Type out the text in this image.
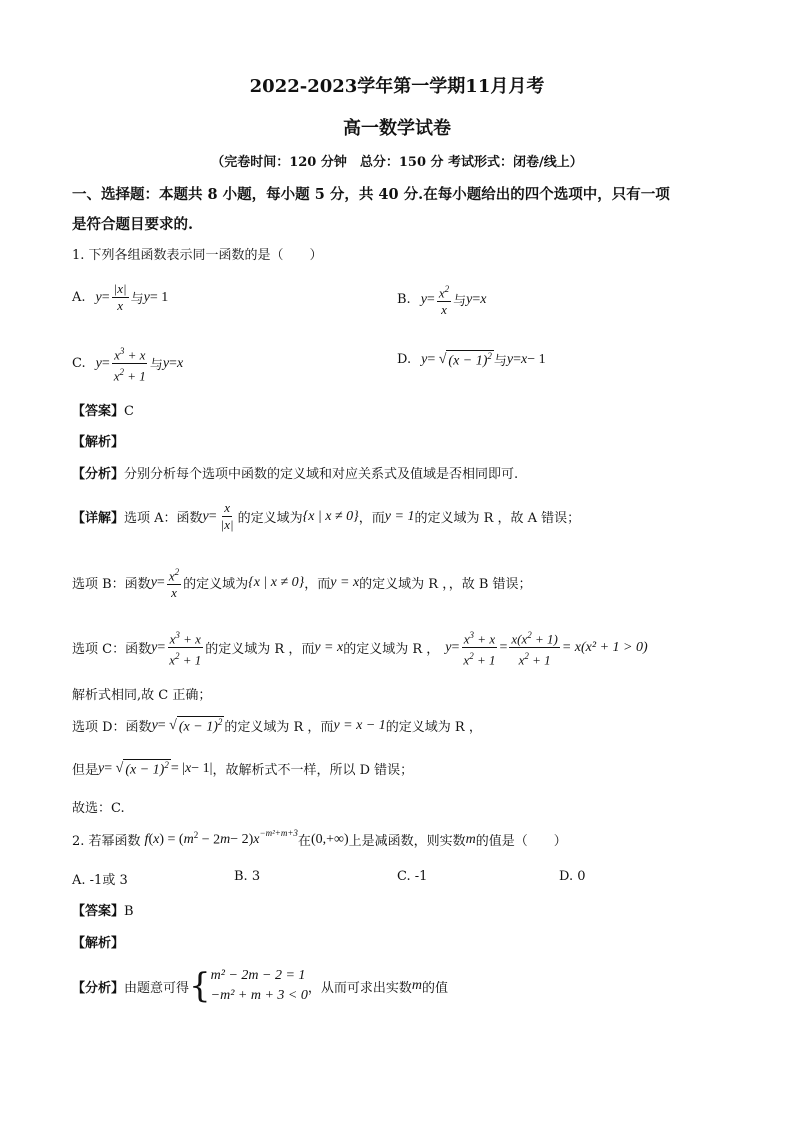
2022-2023学年第一学期11月月考
高一数学试卷
（完卷时间：120 分钟　总分：150 分 考试形式：闭卷/线上）
一、选择题：本题共 8 小题，每小题 5 分，共 40 分.在每小题给出的四个选项中，只有一项
是符合题目要求的.
1. 下列各组函数表示同一函数的是（　　）
A. $y = \frac{|x|}{x}$ 与 y = 1	B. $y = \frac{x^2}{x}$ 与 y = x
C. $y = \frac{x^3 + x}{x^2 + 1}$ 与 y = x	D. y = √ $(x - 1)^2$ 与 y = x − 1
【答案】C
【解析】
【分析】分别分析每个选项中函数的定义域和对应关系式及值域是否相同即可.
【详解】 选项 A：函数 $y = \frac{x}{|x|}$ 的定义域为 {x | x ≠ 0} ，而 y = 1 的定义域为 R ，故 A 错误；
选项 B：函数 $y = \frac{x^2}{x}$ 的定义域为 {x | x ≠ 0} ，而 y = x 的定义域为 R ，，故 B 错误；
选项 C：函数 $y = \frac{x^3 + x}{x^2 + 1}$ 的定义域为 R ，而 y = x 的定义域为 R ， $y = \frac{x^3 + x}{x^2 + 1} = \frac{x(x^2 + 1)}{x^2 + 1} = x(x^2 + 1 > 0)$
解析式相同,故 C 正确；
选项 D：函数 y = √ $(x - 1)^2$ 的定义域为 R ，而 y = x − 1 的定义域为 R ，
但是 y = √ $(x - 1)^2$ = | x − 1| ，故解析式不一样，所以 D 错误；
故选：C.
2. 若幂函数 f ( x ) = ( m $^2$ − 2 m − 2) x −m²+m+3
在 (0,+∞) 上是减函数，则实数 m 的值是（　　）
A. -1或 3	B. 3	C. -1	D. 0
【答案】B
【解析】
【分析】 由题意可得 { m² − 2m − 2 = 1
−m² + m + 3 < 0 ，从而可求出实数 m 的值
